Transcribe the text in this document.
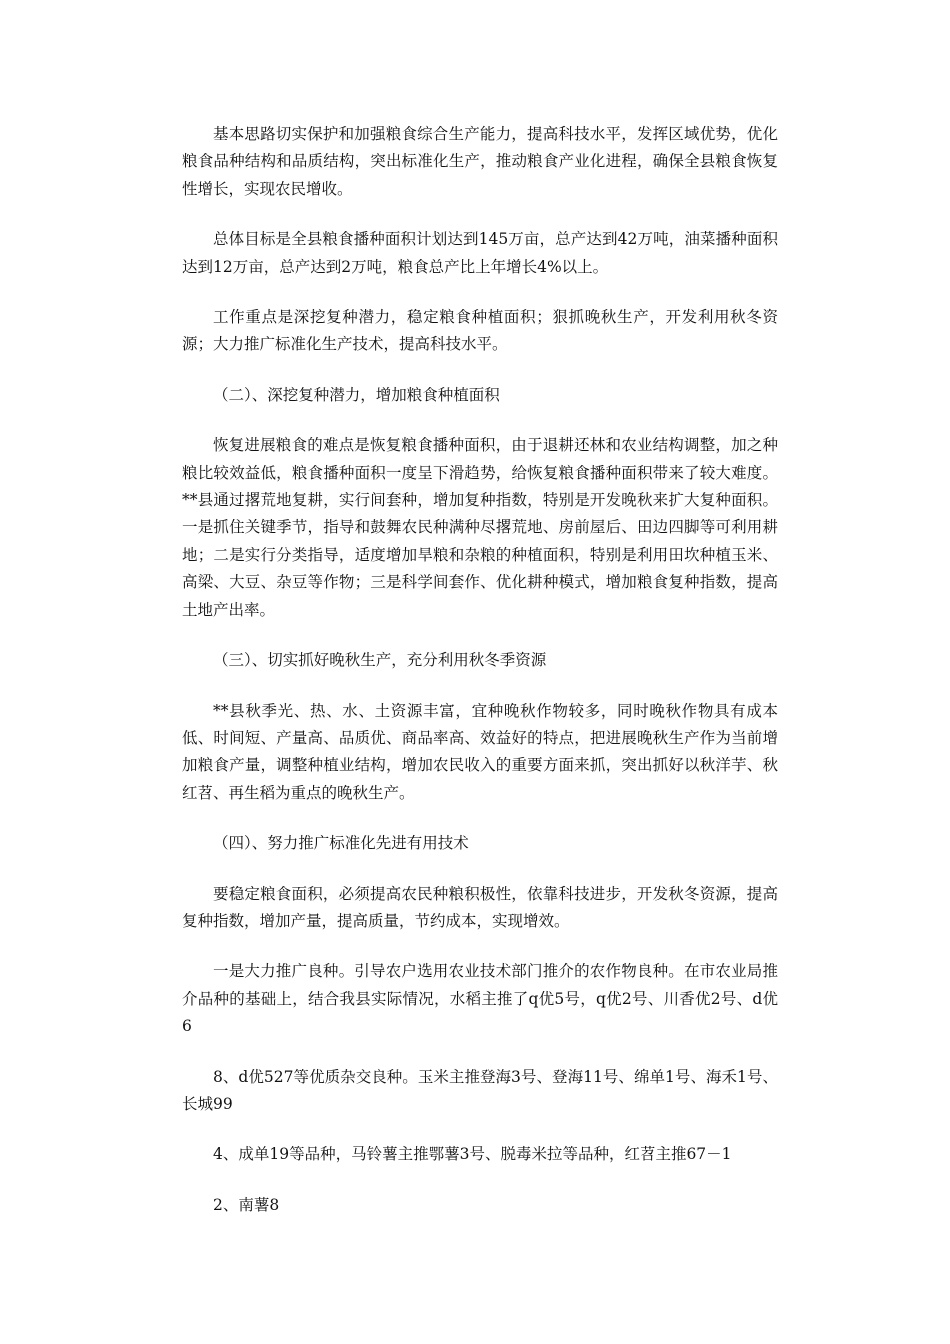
基本思路切实保护和加强粮食综合生产能力，提高科技水平，发挥区域优势，优化粮食品种结构和品质结构，突出标准化生产，推动粮食产业化进程，确保全县粮食恢复性增长，实现农民增收。

总体目标是全县粮食播种面积计划达到145万亩，总产达到42万吨，油菜播种面积达到12万亩，总产达到2万吨，粮食总产比上年增长4%以上。

工作重点是深挖复种潜力，稳定粮食种植面积；狠抓晚秋生产，开发利用秋冬资源；大力推广标准化生产技术，提高科技水平。

（二）、深挖复种潜力，增加粮食种植面积

恢复进展粮食的难点是恢复粮食播种面积，由于退耕还林和农业结构调整，加之种粮比较效益低，粮食播种面积一度呈下滑趋势，给恢复粮食播种面积带来了较大难度。**县通过撂荒地复耕，实行间套种，增加复种指数，特别是开发晚秋来扩大复种面积。一是抓住关键季节，指导和鼓舞农民种满种尽撂荒地、房前屋后、田边四脚等可利用耕地；二是实行分类指导，适度增加旱粮和杂粮的种植面积，特别是利用田坎种植玉米、高梁、大豆、杂豆等作物；三是科学间套作、优化耕种模式，增加粮食复种指数，提高土地产出率。

（三）、切实抓好晚秋生产，充分利用秋冬季资源

**县秋季光、热、水、土资源丰富，宜种晚秋作物较多，同时晚秋作物具有成本低、时间短、产量高、品质优、商品率高、效益好的特点，把进展晚秋生产作为当前增加粮食产量，调整种植业结构，增加农民收入的重要方面来抓，突出抓好以秋洋芋、秋红苕、再生稻为重点的晚秋生产。

（四）、努力推广标准化先进有用技术

要稳定粮食面积，必须提高农民种粮积极性，依靠科技进步，开发秋冬资源，提高复种指数，增加产量，提高质量，节约成本，实现增效。

一是大力推广良种。引导农户选用农业技术部门推介的农作物良种。在市农业局推介品种的基础上，结合我县实际情况，水稻主推了q优5号，q优2号、川香优2号、d优6

8、d优527等优质杂交良种。玉米主推登海3号、登海11号、绵单1号、海禾1号、长城99

4、成单19等品种，马铃薯主推鄂薯3号、脱毒米拉等品种，红苕主推67－1

2、南薯8
